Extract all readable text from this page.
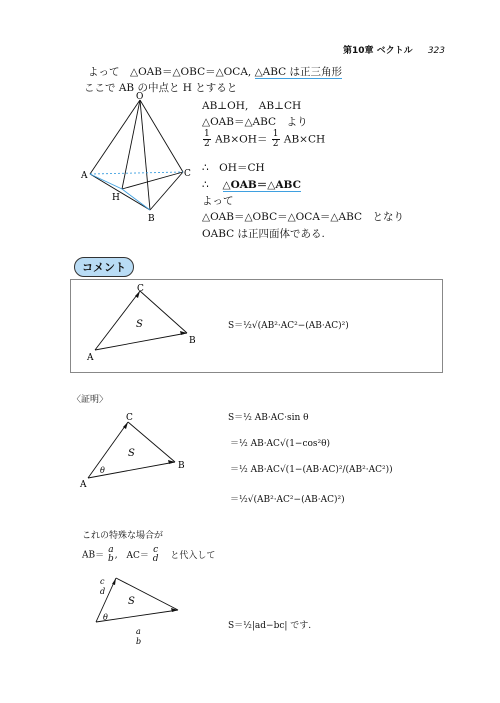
第10章 ベクトル 323
よって　△OAB＝△OBC＝△OCA, △ABC は正三角形
ここで AB の中点と H とすると
AB⊥OH,　AB⊥CH
△OAB＝△ABC　より
$\frac{1}{2} AB\times OH= \frac{1}{2} AB\times CH$
∴　OH＝CH
∴　 △OAB＝△ABC
よって
△OAB＝△OBC＝△OCA＝△ABC　となり
OABC は正四面体である.
O
A	C
B
H
コメント
C
A
B
S	S＝½√(AB²·AC²−(AB·AC)²)
〈証明〉
C
A
B
S
θ
S＝½ AB·AC·sin θ
＝½ AB·AC√(1−cos²θ)
＝½ AB·AC√(1−(AB·AC)²/(AB²·AC²))
＝½√(AB²·AC²−(AB·AC)²)
これの特殊な場合が
AB＝
a
b , AC＝
c
d と代入して
S
θ
c
d
a
b
S＝½|ad−bc| です.
